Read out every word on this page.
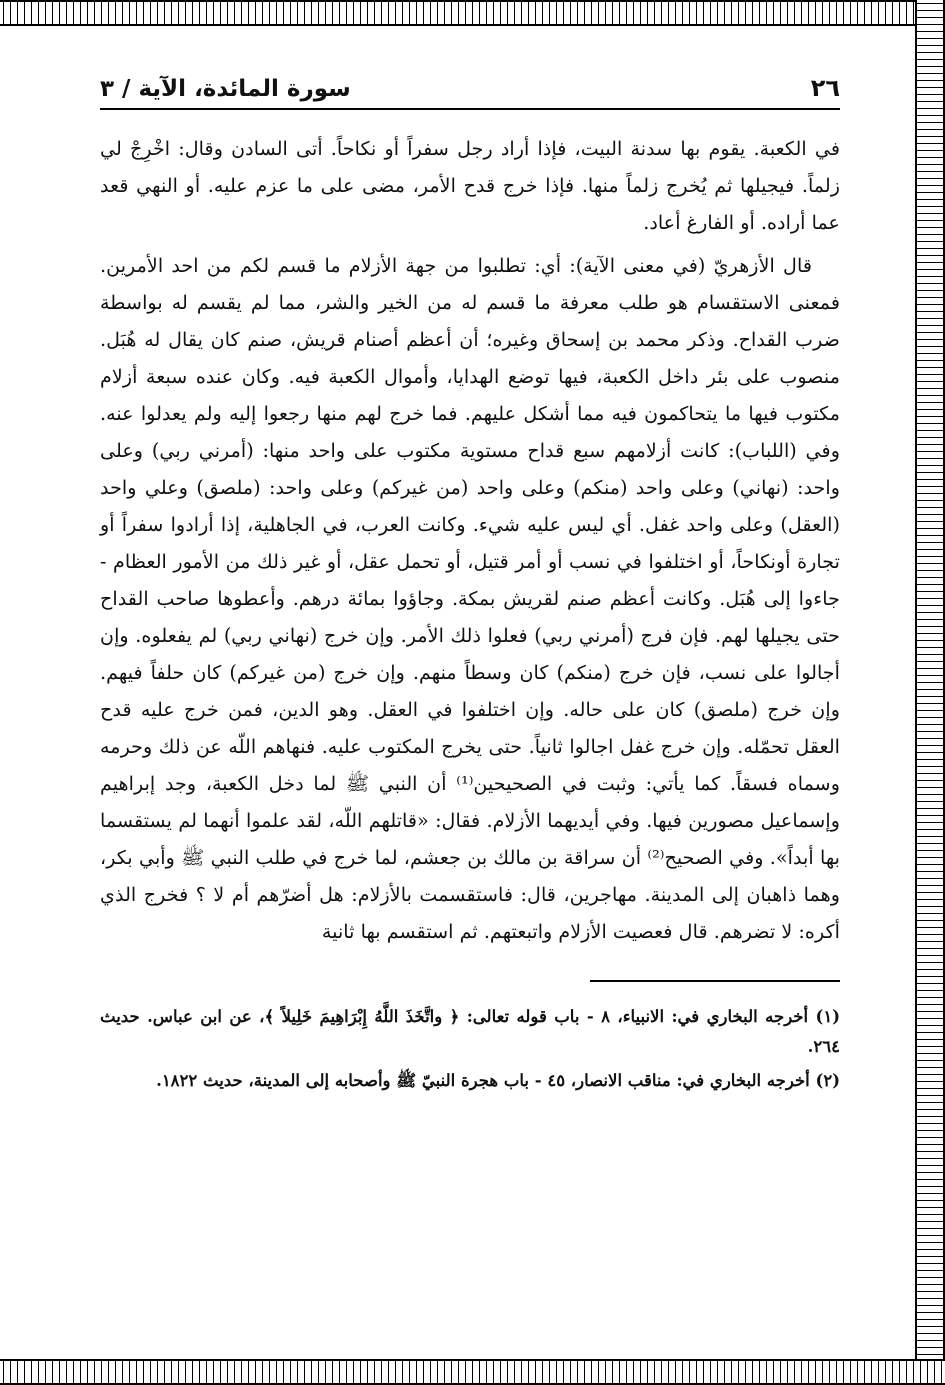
٢٦
سورة المائدة، الآية / ٣

في الكعبة. يقوم بها سدنة البيت، فإذا أراد رجل سفراً أو نكاحاً. أتى السادن وقال: اخْرِجْ لي زلماً. فيجيلها ثم يُخرج زلماً منها. فإذا خرج قدح الأمر، مضى على ما عزم عليه. أو النهي قعد عما أراده. أو الفارغ أعاد.

قال الأزهريّ (في معنى الآية): أي: تطلبوا من جهة الأزلام ما قسم لكم من احد الأمرين. فمعنى الاستقسام هو طلب معرفة ما قسم له من الخير والشر، مما لم يقسم له بواسطة ضرب القداح. وذكر محمد بن إسحاق وغيره؛ أن أعظم أصنام قريش، صنم كان يقال له هُبَل. منصوب على بئر داخل الكعبة، فيها توضع الهدايا، وأموال الكعبة فيه. وكان عنده سبعة أزلام مكتوب فيها ما يتحاكمون فيه مما أشكل عليهم. فما خرج لهم منها رجعوا إليه ولم يعدلوا عنه. وفي (اللباب): كانت أزلامهم سبع قداح مستوية مكتوب على واحد منها: (أمرني ربي) وعلى واحد: (نهاني) وعلى واحد (منكم) وعلى واحد (من غيركم) وعلى واحد: (ملصق) وعلي واحد (العقل) وعلى واحد غفل. أي ليس عليه شيء. وكانت العرب، في الجاهلية، إذا أرادوا سفراً أو تجارة أونكاحاً، أو اختلفوا في نسب أو أمر قتيل، أو تحمل عقل، أو غير ذلك من الأمور العظام - جاءوا إلى هُبَل. وكانت أعظم صنم لقريش بمكة. وجاؤوا بمائة درهم. وأعطوها صاحب القداح حتى يجيلها لهم. فإن فرج (أمرني ربي) فعلوا ذلك الأمر. وإن خرج (نهاني ربي) لم يفعلوه. وإن أجالوا على نسب، فإن خرج (منكم) كان وسطاً منهم. وإن خرج (من غيركم) كان حلفاً فيهم. وإن خرج (ملصق) كان على حاله. وإن اختلفوا في العقل. وهو الدين، فمن خرج عليه قدح العقل تحمّله. وإن خرج غفل اجالوا ثانياً. حتى يخرج المكتوب عليه. فنهاهم اللّه عن ذلك وحرمه وسماه فسقاً. كما يأتي: وثبت في الصحيحين⁽¹⁾ أن النبي ﷺ لما دخل الكعبة، وجد إبراهيم وإسماعيل مصورين فيها. وفي أيديهما الأزلام. فقال: «قاتلهم اللّه، لقد علموا أنهما لم يستقسما بها أبداً». وفي الصحيح⁽²⁾ أن سراقة بن مالك بن جعشم، لما خرج في طلب النبي ﷺ وأبي بكر، وهما ذاهبان إلى المدينة. مهاجرين، قال: فاستقسمت بالأزلام: هل أضرّهم أم لا ؟ فخرج الذي أكره: لا تضرهم. قال فعصيت الأزلام واتبعتهم. ثم استقسم بها ثانية

(١) أخرجه البخاري في: الانبياء، ٨ - باب قوله تعالى: ﴿ واتَّخَذَ اللَّهُ إِبْرَاهِيمَ خَلِيلاً ﴾، عن ابن عباس. حديث ٢٦٤.

(٢) أخرجه البخاري في: مناقب الانصار، ٤٥ - باب هجرة النبيّ ﷺ وأصحابه إلى المدينة، حديث ١٨٢٢.
